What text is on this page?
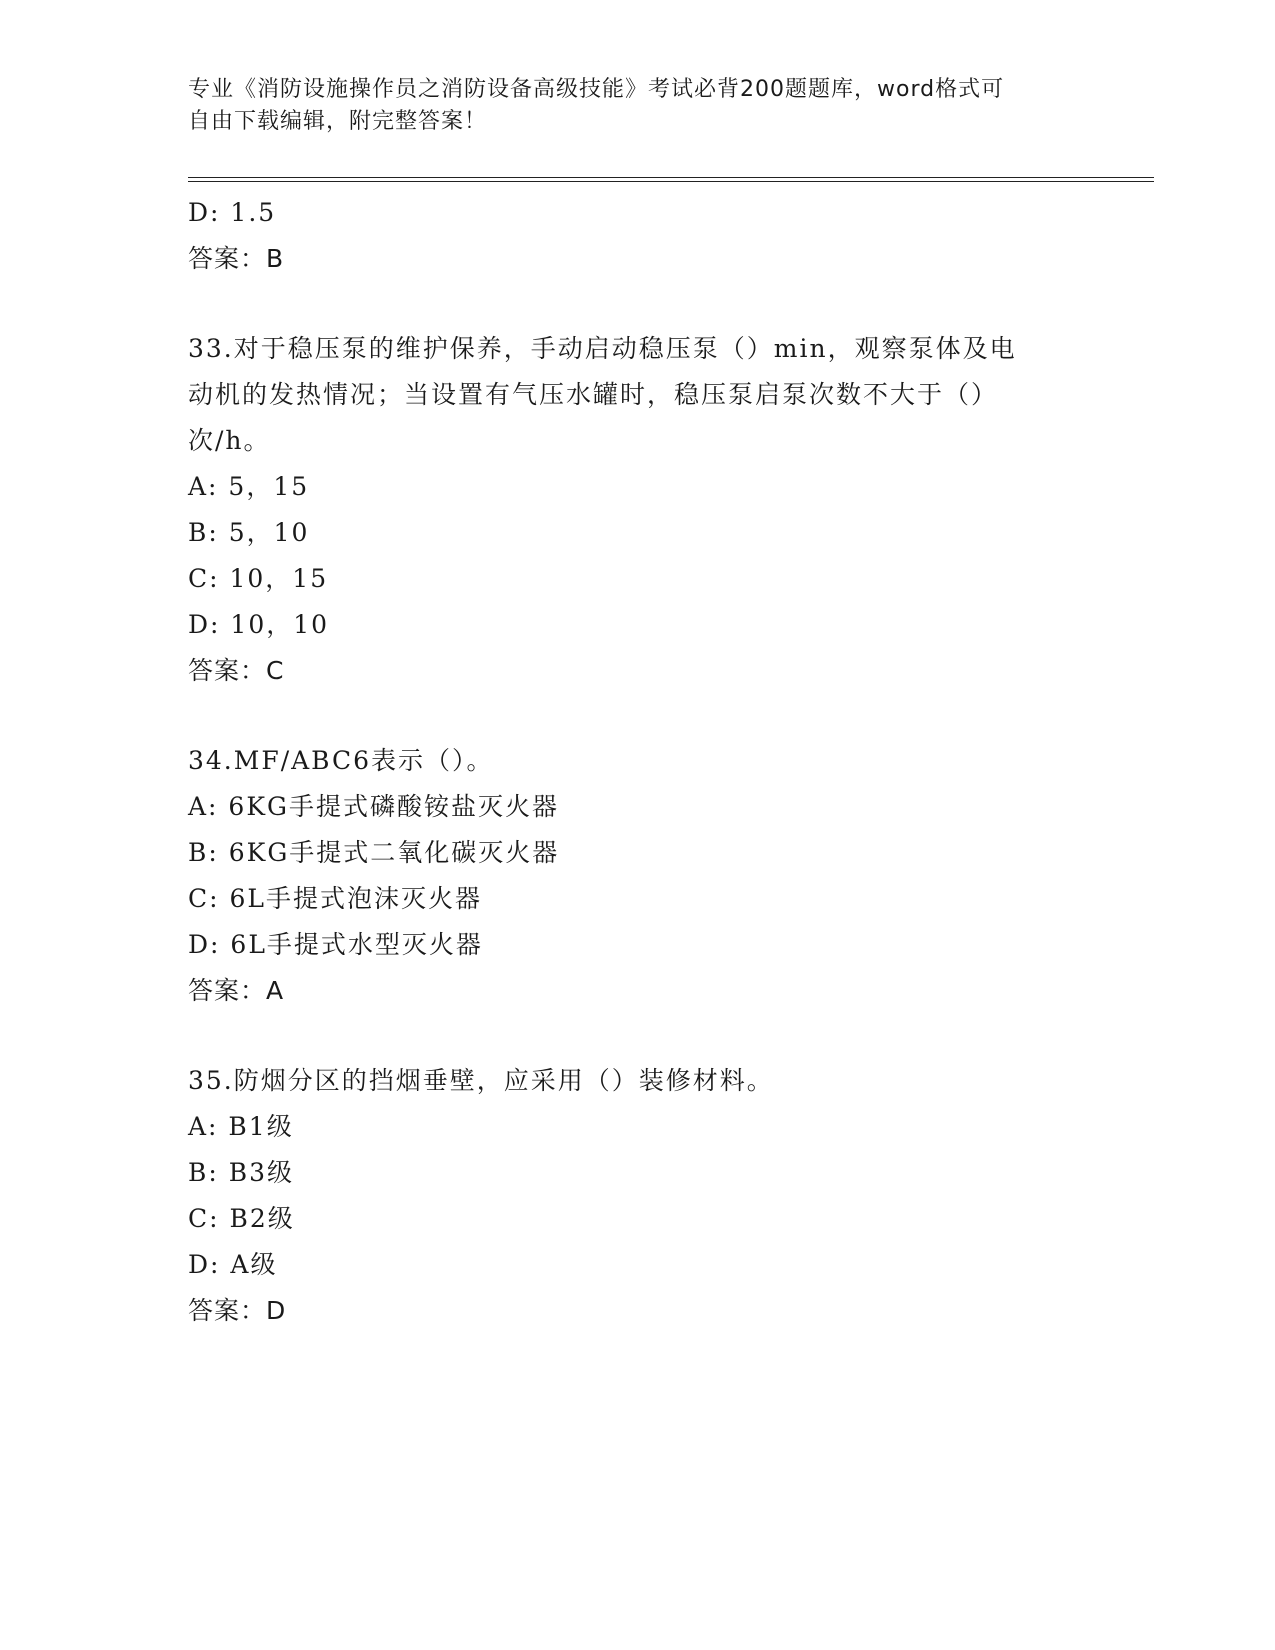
专业《消防设施操作员之消防设备高级技能》考试必背200题题库，word格式可
自由下载编辑，附完整答案！
D: 1.5
答案：B
33.对于稳压泵的维护保养，手动启动稳压泵（）min，观察泵体及电
动机的发热情况；当设置有气压水罐时，稳压泵启泵次数不大于（）
次/h。
A: 5，15
B: 5，10
C: 10，15
D: 10，10
答案：C
34.MF/ABC6表示（）。
A: 6KG手提式磷酸铵盐灭火器
B: 6KG手提式二氧化碳灭火器
C: 6L手提式泡沫灭火器
D: 6L手提式水型灭火器
答案：A
35.防烟分区的挡烟垂壁，应采用（）装修材料。
A: B1级
B: B3级
C: B2级
D: A级
答案：D
